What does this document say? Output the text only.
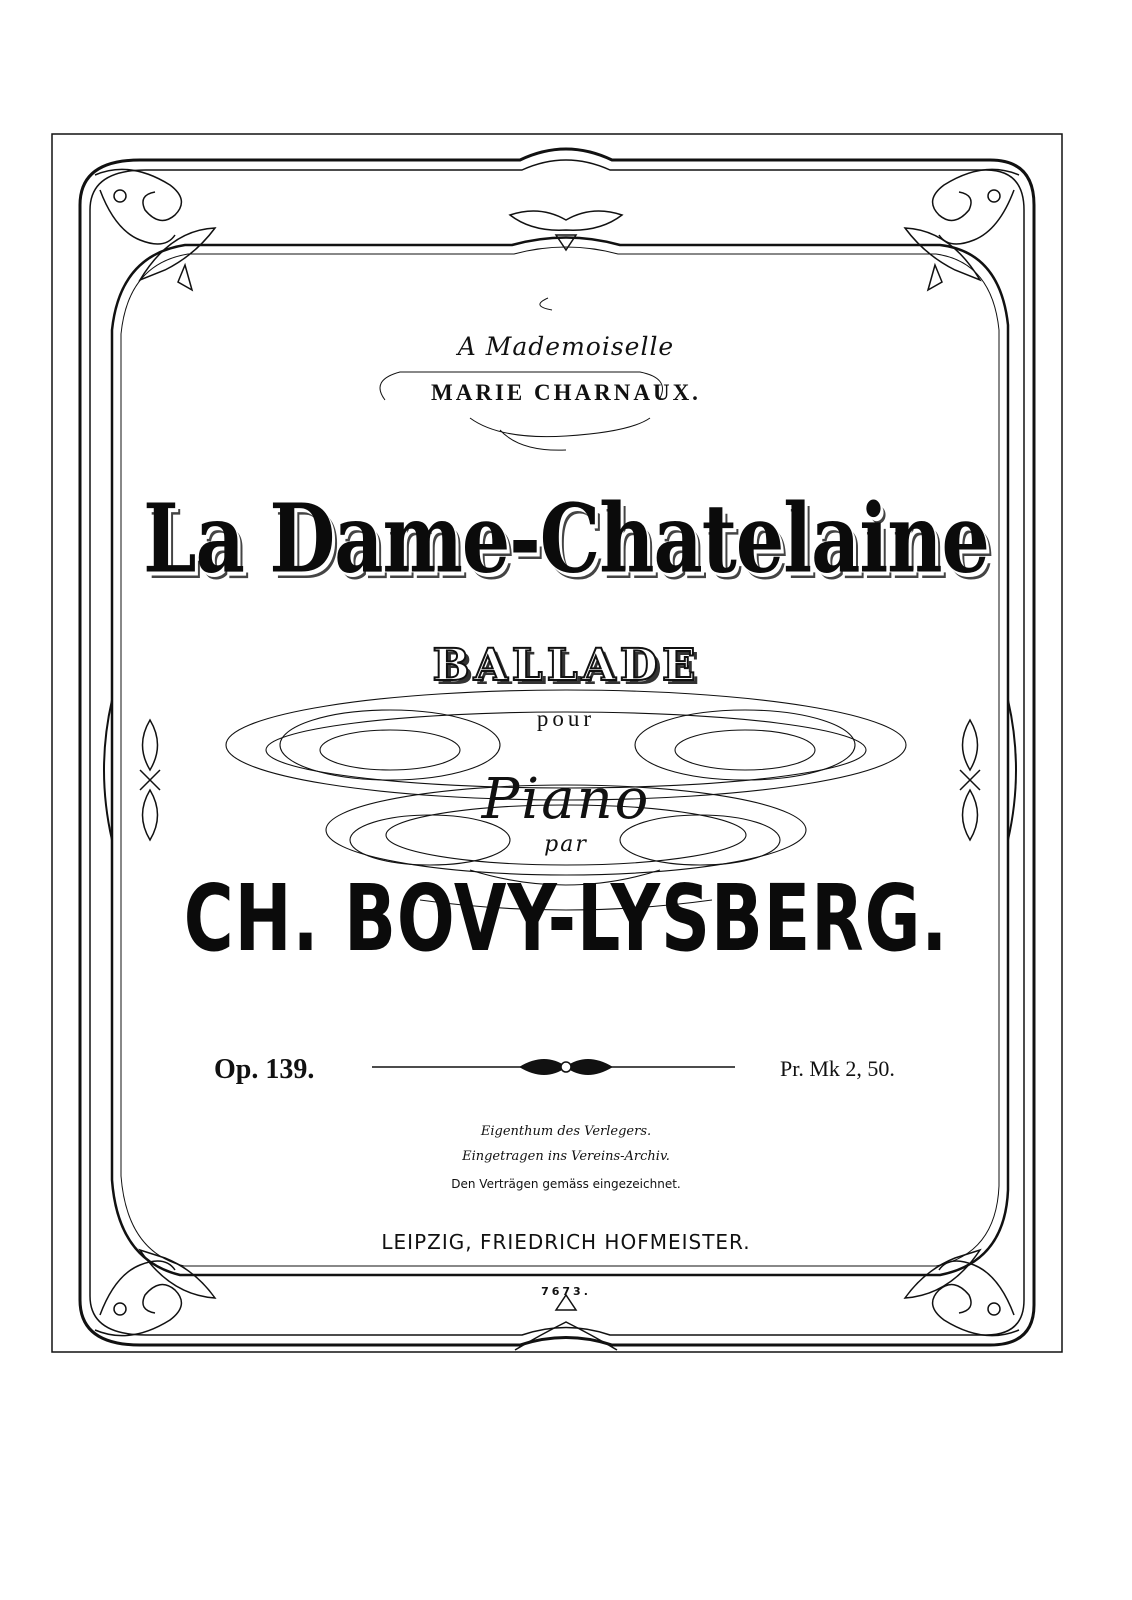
A Mademoiselle
MARIE CHARNAUX.
La Dame-Chatelaine
BALLADE
pour
Piano
par
CH. BOVY-LYSBERG.
Op. 139.	Pr. Mk 2, 50.
Eigenthum des Verlegers.
Eingetragen ins Vereins-Archiv.
Den Verträgen gemäss eingezeichnet.
LEIPZIG, FRIEDRICH HOFMEISTER.
7673.
